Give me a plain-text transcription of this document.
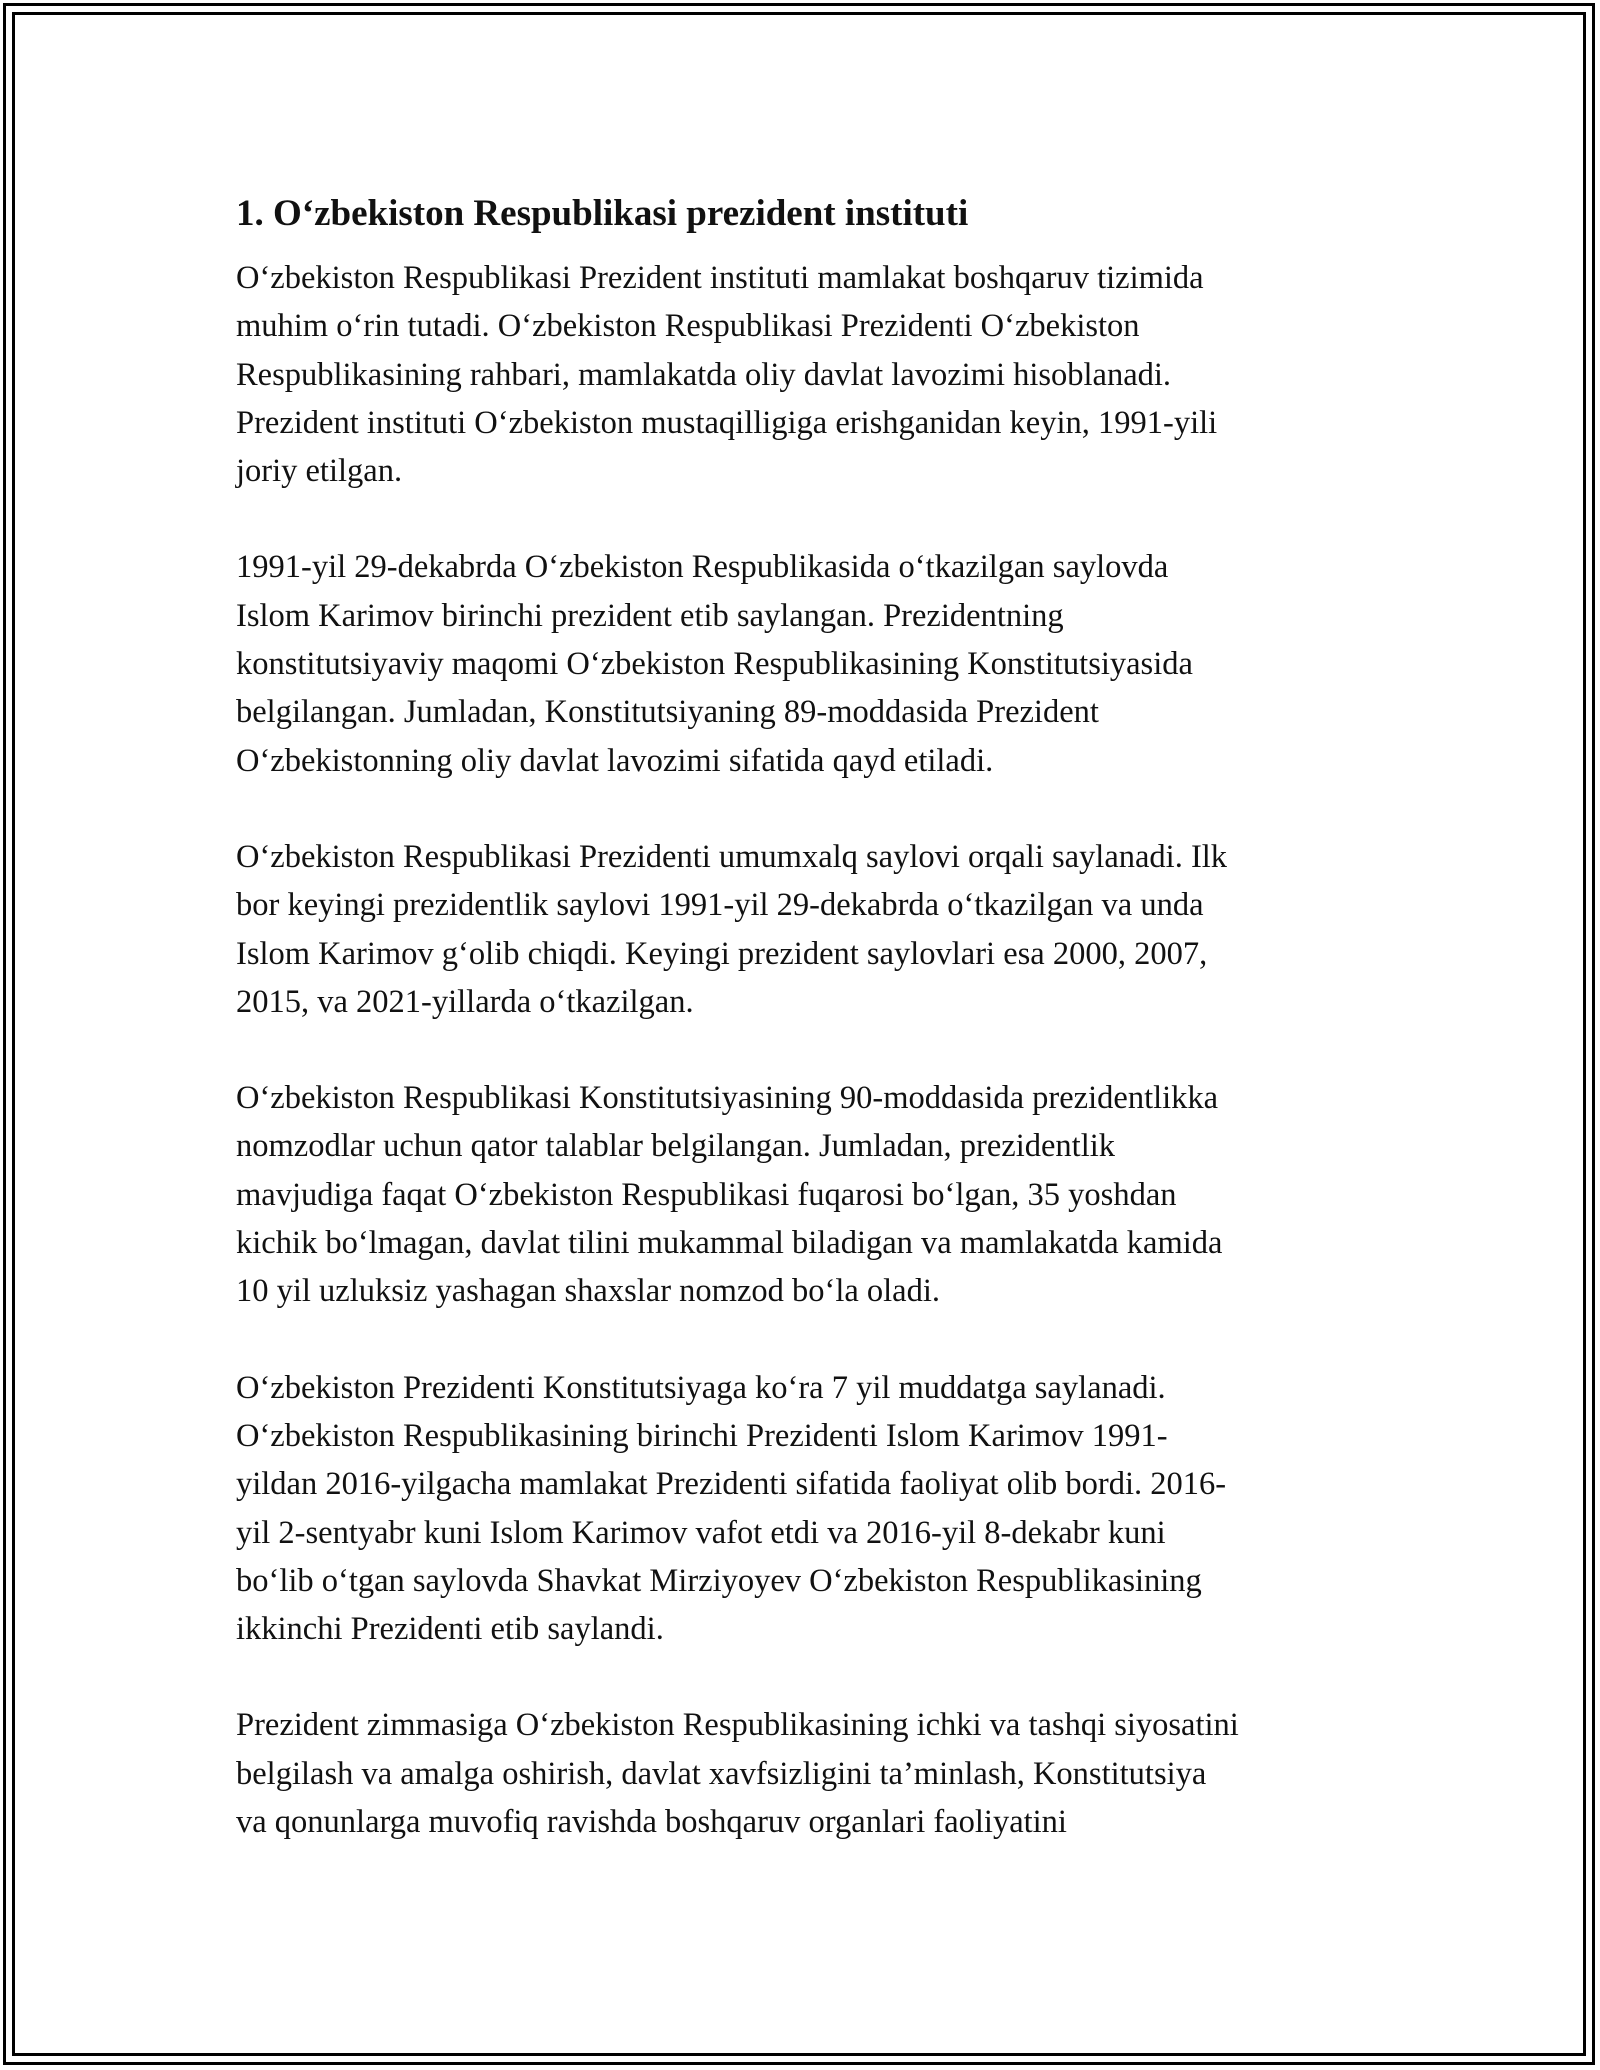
1. O‘zbekiston Respublikasi prezident instituti

O‘zbekiston Respublikasi Prezident instituti mamlakat boshqaruv tizimida
muhim o‘rin tutadi. O‘zbekiston Respublikasi Prezidenti O‘zbekiston
Respublikasining rahbari, mamlakatda oliy davlat lavozimi hisoblanadi.
Prezident instituti O‘zbekiston mustaqilligiga erishganidan keyin, 1991-yili
joriy etilgan.

1991-yil 29-dekabrda O‘zbekiston Respublikasida o‘tkazilgan saylovda
Islom Karimov birinchi prezident etib saylangan. Prezidentning
konstitutsiyaviy maqomi O‘zbekiston Respublikasining Konstitutsiyasida
belgilangan. Jumladan, Konstitutsiyaning 89-moddasida Prezident
O‘zbekistonning oliy davlat lavozimi sifatida qayd etiladi.

O‘zbekiston Respublikasi Prezidenti umumxalq saylovi orqali saylanadi. Ilk
bor keyingi prezidentlik saylovi 1991-yil 29-dekabrda o‘tkazilgan va unda
Islom Karimov g‘olib chiqdi. Keyingi prezident saylovlari esa 2000, 2007,
2015, va 2021-yillarda o‘tkazilgan.

O‘zbekiston Respublikasi Konstitutsiyasining 90-moddasida prezidentlikka
nomzodlar uchun qator talablar belgilangan. Jumladan, prezidentlik
mavjudiga faqat O‘zbekiston Respublikasi fuqarosi bo‘lgan, 35 yoshdan
kichik bo‘lmagan, davlat tilini mukammal biladigan va mamlakatda kamida
10 yil uzluksiz yashagan shaxslar nomzod bo‘la oladi.

O‘zbekiston Prezidenti Konstitutsiyaga ko‘ra 7 yil muddatga saylanadi.
O‘zbekiston Respublikasining birinchi Prezidenti Islom Karimov 1991-
yildan 2016-yilgacha mamlakat Prezidenti sifatida faoliyat olib bordi. 2016-
yil 2-sentyabr kuni Islom Karimov vafot etdi va 2016-yil 8-dekabr kuni
bo‘lib o‘tgan saylovda Shavkat Mirziyoyev O‘zbekiston Respublikasining
ikkinchi Prezidenti etib saylandi.

Prezident zimmasiga O‘zbekiston Respublikasining ichki va tashqi siyosatini
belgilash va amalga oshirish, davlat xavfsizligini ta’minlash, Konstitutsiya
va qonunlarga muvofiq ravishda boshqaruv organlari faoliyatini
